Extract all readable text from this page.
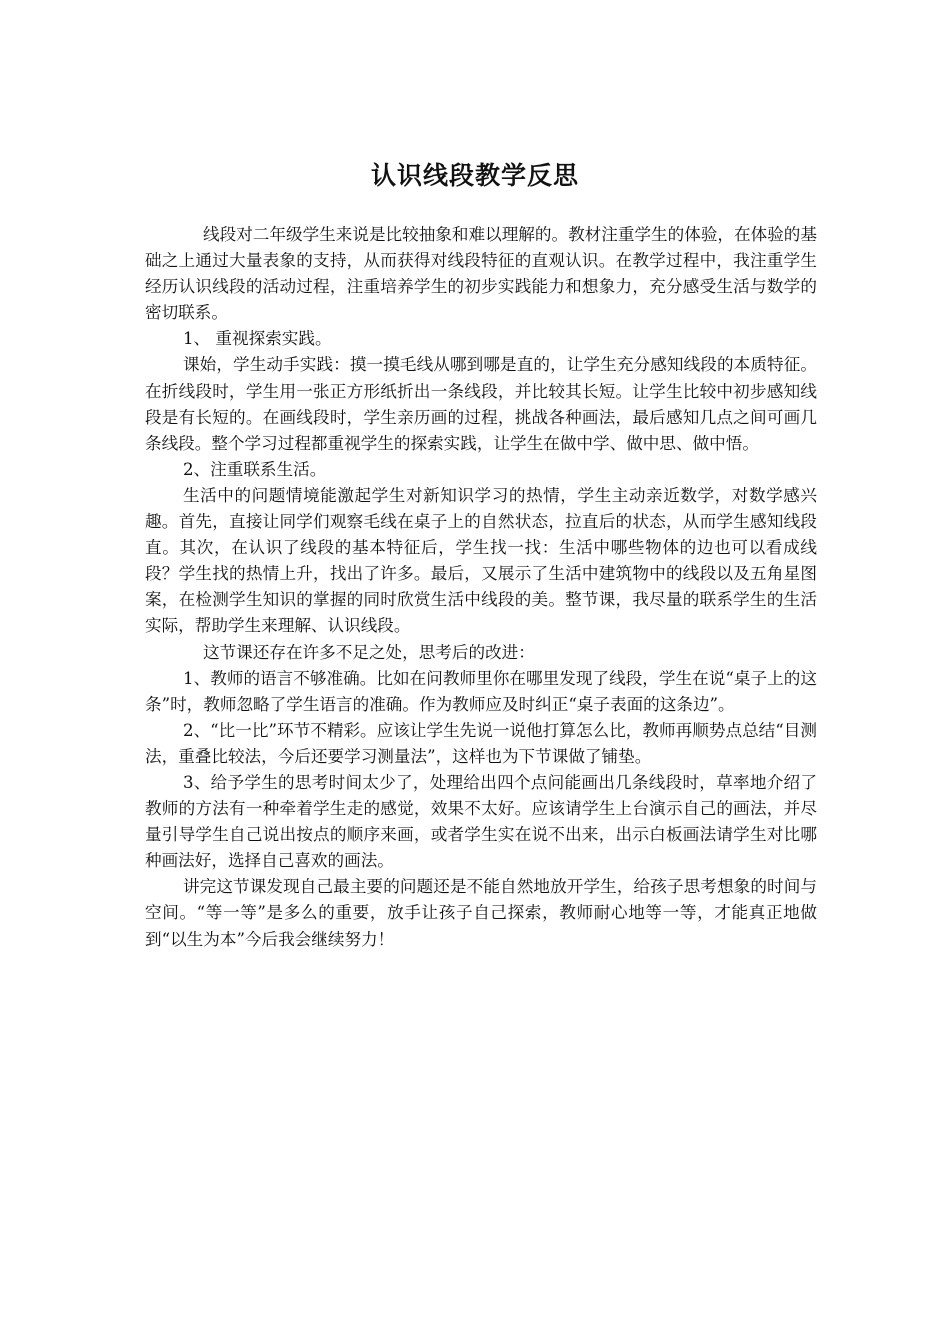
认识线段教学反思

线段对二年级学生来说是比较抽象和难以理解的。教材注重学生的体验，在体验的基础之上通过大量表象的支持，从而获得对线段特征的直观认识。在教学过程中，我注重学生经历认识线段的活动过程，注重培养学生的初步实践能力和想象力，充分感受生活与数学的密切联系。

1、 重视探索实践。

课始，学生动手实践：摸一摸毛线从哪到哪是直的，让学生充分感知线段的本质特征。在折线段时，学生用一张正方形纸折出一条线段，并比较其长短。让学生比较中初步感知线段是有长短的。在画线段时，学生亲历画的过程，挑战各种画法，最后感知几点之间可画几条线段。整个学习过程都重视学生的探索实践，让学生在做中学、做中思、做中悟。

2、注重联系生活。

生活中的问题情境能激起学生对新知识学习的热情，学生主动亲近数学，对数学感兴趣。首先，直接让同学们观察毛线在桌子上的自然状态，拉直后的状态，从而学生感知线段直。其次，在认识了线段的基本特征后，学生找一找：生活中哪些物体的边也可以看成线段？学生找的热情上升，找出了许多。最后，又展示了生活中建筑物中的线段以及五角星图案，在检测学生知识的掌握的同时欣赏生活中线段的美。整节课，我尽量的联系学生的生活实际，帮助学生来理解、认识线段。

这节课还存在许多不足之处，思考后的改进：

1、教师的语言不够准确。比如在问教师里你在哪里发现了线段，学生在说“桌子上的这条”时，教师忽略了学生语言的准确。作为教师应及时纠正“桌子表面的这条边”。

2、“比一比”环节不精彩。应该让学生先说一说他打算怎么比，教师再顺势点总结“目测法，重叠比较法，今后还要学习测量法”，这样也为下节课做了铺垫。

3、给予学生的思考时间太少了，处理给出四个点问能画出几条线段时，草率地介绍了教师的方法有一种牵着学生走的感觉，效果不太好。应该请学生上台演示自己的画法，并尽量引导学生自己说出按点的顺序来画，或者学生实在说不出来，出示白板画法请学生对比哪种画法好，选择自己喜欢的画法。

讲完这节课发现自己最主要的问题还是不能自然地放开学生，给孩子思考想象的时间与空间。“等一等”是多么的重要，放手让孩子自己探索，教师耐心地等一等，才能真正地做到“以生为本”今后我会继续努力！
